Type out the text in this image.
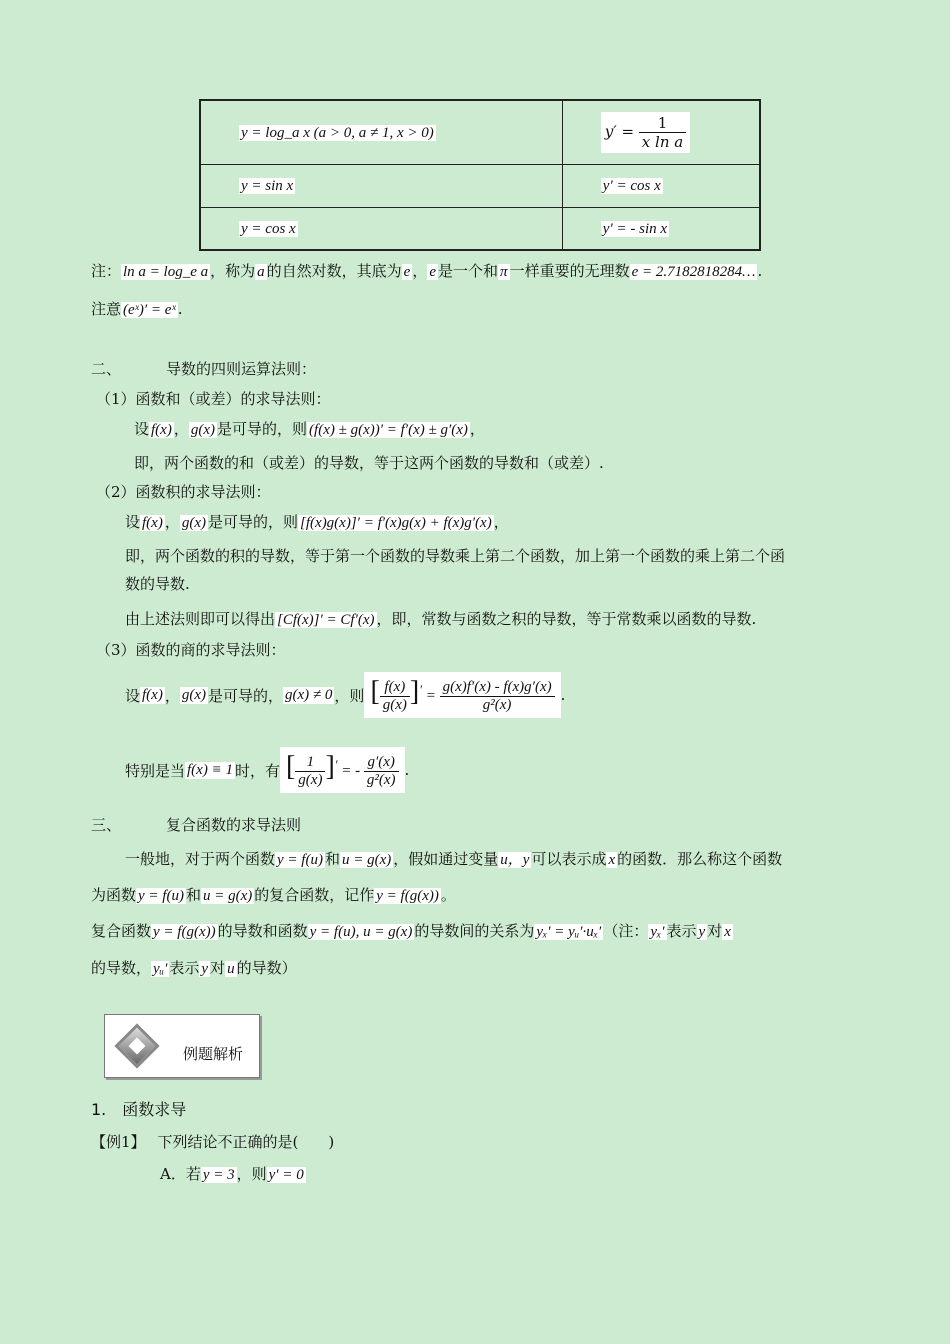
y = log_a x (a > 0, a ≠ 1, x > 0)	$y' = \frac{1}{\text{x ln a}}$

y = sin x	y′ = cos x
y = cos x	y′ = - sin x
注： ln a = log_e a ，称为 a 的自然对数，其底为 e ， e 是一个和 π 一样重要的无理数 e = 2.7182818284… .
注意 (eˣ)′ = eˣ .
二、	导数的四则运算法则：
（1）函数和（或差）的求导法则：
设 f(x) ， g(x) 是可导的，则 (f(x) ± g(x))′ = f′(x) ± g′(x) ，
即，两个函数的和（或差）的导数，等于这两个函数的导数和（或差）.
（2）函数积的求导法则：
设 f(x) ， g(x) 是可导的，则 [f(x)g(x)]′ = f′(x)g(x) + f(x)g′(x) ，
即，两个函数的积的导数，等于第一个函数的导数乘上第二个函数，加上第一个函数的乘上第二个函
数的导数.
由上述法则即可以得出 [Cf(x)]′ = Cf′(x) ，即，常数与函数之积的导数，等于常数乘以函数的导数.
（3）函数的商的求导法则：
设 f(x) ， g(x) 是可导的， g(x) ≠ 0 ，则 [ $\frac{f(x)}{g(x)} ]' = \frac{g(x)f'(x) - f(x)g'(x)}{\text{g²(x)}}$ .
特别是当 f(x) ≡ 1 时，有 [ $\frac{1}{g(x)} ]'$ = - $\frac{g'(x)}{\text{g²(x)}}$ .
三、	复合函数的求导法则
一般地，对于两个函数 y = f(u) 和 u = g(x) ，假如通过变量 u，y 可以表示成 x 的函数．那么称这个函数
为函数 y = f(u) 和 u = g(x) 的复合函数，记作 y = f(g(x)) 。
复合函数 y = f(g(x)) 的导数和函数 y = f(u), u = g(x) 的导数间的关系为 yₓ′ = yᵤ′·uₓ′ （注： yₓ′ 表示 y 对 x
的导数， yᵤ′ 表示 y 对 u 的导数）
例题解析
1.　函数求导
【例1】 下列结论不正确的是(　　)
A．若 y = 3 ，则 y′ = 0
